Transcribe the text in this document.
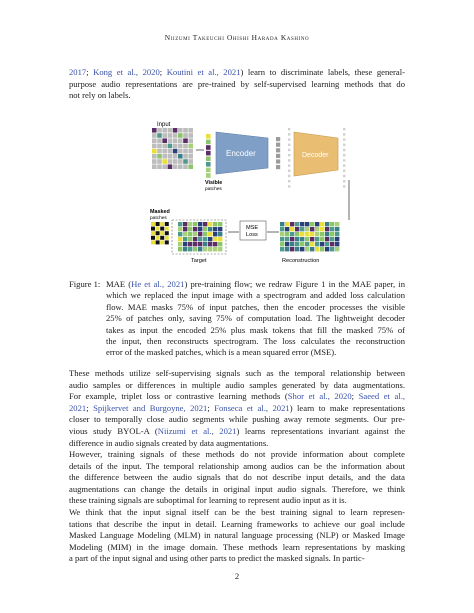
Niizumi Takeuchi Ohishi Harada Kashino
2017; Kong et al., 2020; Koutini et al., 2021) learn to discriminate labels, these general-
purpose audio representations are pre-trained by self-supervised learning methods that do
not rely on labels.
Encoder	Decoder
Input
Visible
patches
Masked
patches
MSE
Loss
Target	Reconstruction
Figure 1: MAE (He et al., 2021) pre-training flow; we redraw Figure 1 in the MAE paper, in
which we replaced the input image with a spectrogram and added loss calculation
flow. MAE masks 75% of input patches, then the encoder processes the visible
25% of patches only, saving 75% of computation load. The lightweight decoder
takes as input the encoded 25% plus mask tokens that fill the masked 75% of
the input, then reconstructs spectrogram. The loss calculates the reconstruction
error of the masked patches, which is a mean squared error (MSE).
These methods utilize self-supervising signals such as the temporal relationship between
audio samples or differences in multiple audio samples generated by data augmentations.
For example, triplet loss or contrastive learning methods (Shor et al., 2020; Saeed et al.,
2021; Spijkervet and Burgoyne, 2021; Fonseca et al., 2021) learn to make representations
closer to temporally close audio segments while pushing away remote segments. Our pre-
vious study BYOL-A (Niizumi et al., 2021) learns representations invariant against the
difference in audio signals created by data augmentations.
However, training signals of these methods do not provide information about complete
details of the input. The temporal relationship among audios can be the information about
the difference between the audio signals that do not describe input details, and the data
augmentations can change the details in original input audio signals. Therefore, we think
these training signals are suboptimal for learning to represent audio input as it is.
We think that the input signal itself can be the best training signal to learn represen-
tations that describe the input in detail. Learning frameworks to achieve our goal include
Masked Language Modeling (MLM) in natural language processing (NLP) or Masked Image
Modeling (MIM) in the image domain. These methods learn representations by masking
a part of the input signal and using other parts to predict the masked signals. In partic-
2
